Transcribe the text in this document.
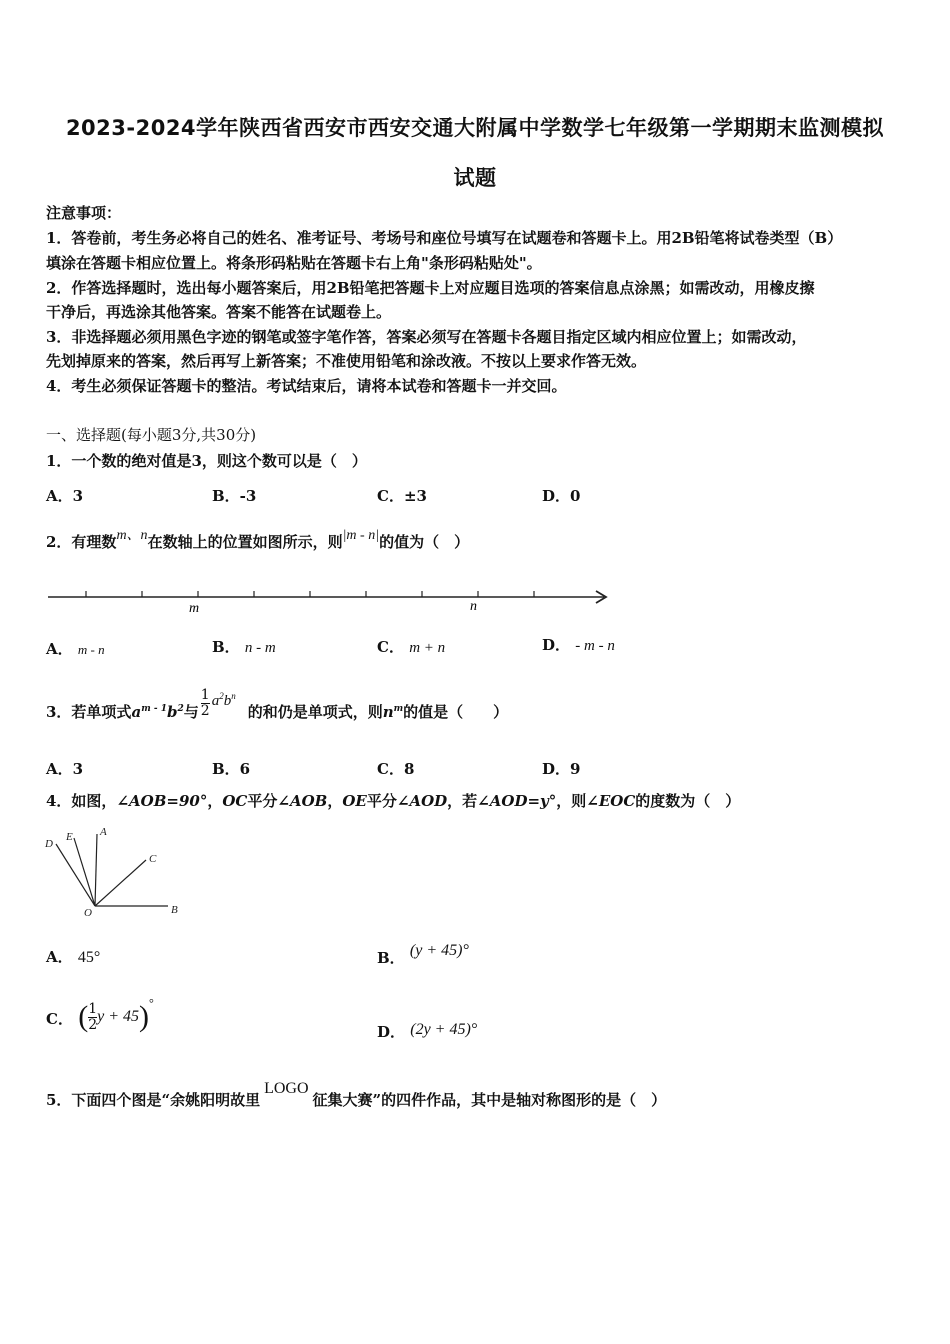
2023-2024学年陕西省西安市西安交通大附属中学数学七年级第一学期期末监测模拟
试题
注意事项：
1．答卷前，考生务必将自己的姓名、准考证号、考场号和座位号填写在试题卷和答题卡上。用2B铅笔将试卷类型（B）
填涂在答题卡相应位置上。将条形码粘贴在答题卡右上角"条形码粘贴处"。
2．作答选择题时，选出每小题答案后，用2B铅笔把答题卡上对应题目选项的答案信息点涂黑；如需改动，用橡皮擦
干净后，再选涂其他答案。答案不能答在试题卷上。
3．非选择题必须用黑色字迹的钢笔或签字笔作答，答案必须写在答题卡各题目指定区域内相应位置上；如需改动，
先划掉原来的答案，然后再写上新答案；不准使用铅笔和涂改液。不按以上要求作答无效。
4．考生必须保证答题卡的整洁。考试结束后，请将本试卷和答题卡一并交回。
一、选择题(每小题3分,共30分)
1．一个数的绝对值是3，则这个数可以是（　）
A．3	B．-3	C．±3	D．0
2．有理数m、n在数轴上的位置如图所示，则|m - n|的值为（　）
m	n
A． m - n	B． n - m	C． m + n	D． - m - n
3．若单项式$a^{m - 1}b^2$与 $\frac{1}{2} a^2b^n$的和仍是单项式，则$n^m$的值是（　　）
A．3	B．6	C．8	D．9
4．如图，∠AOB=90°，OC平分∠AOB，OE平分∠AOD，若∠AOD=y°，则∠EOC的度数为（　）
D
E A
C
O	B
A． 45°	B． (y + 45)°
C． ( $\frac{1}{2}$ y + 45)°
D． (2y + 45)°
5．下面四个图是“余姚阳明故里LOGO征集大赛”的四件作品，其中是轴对称图形的是（　）
